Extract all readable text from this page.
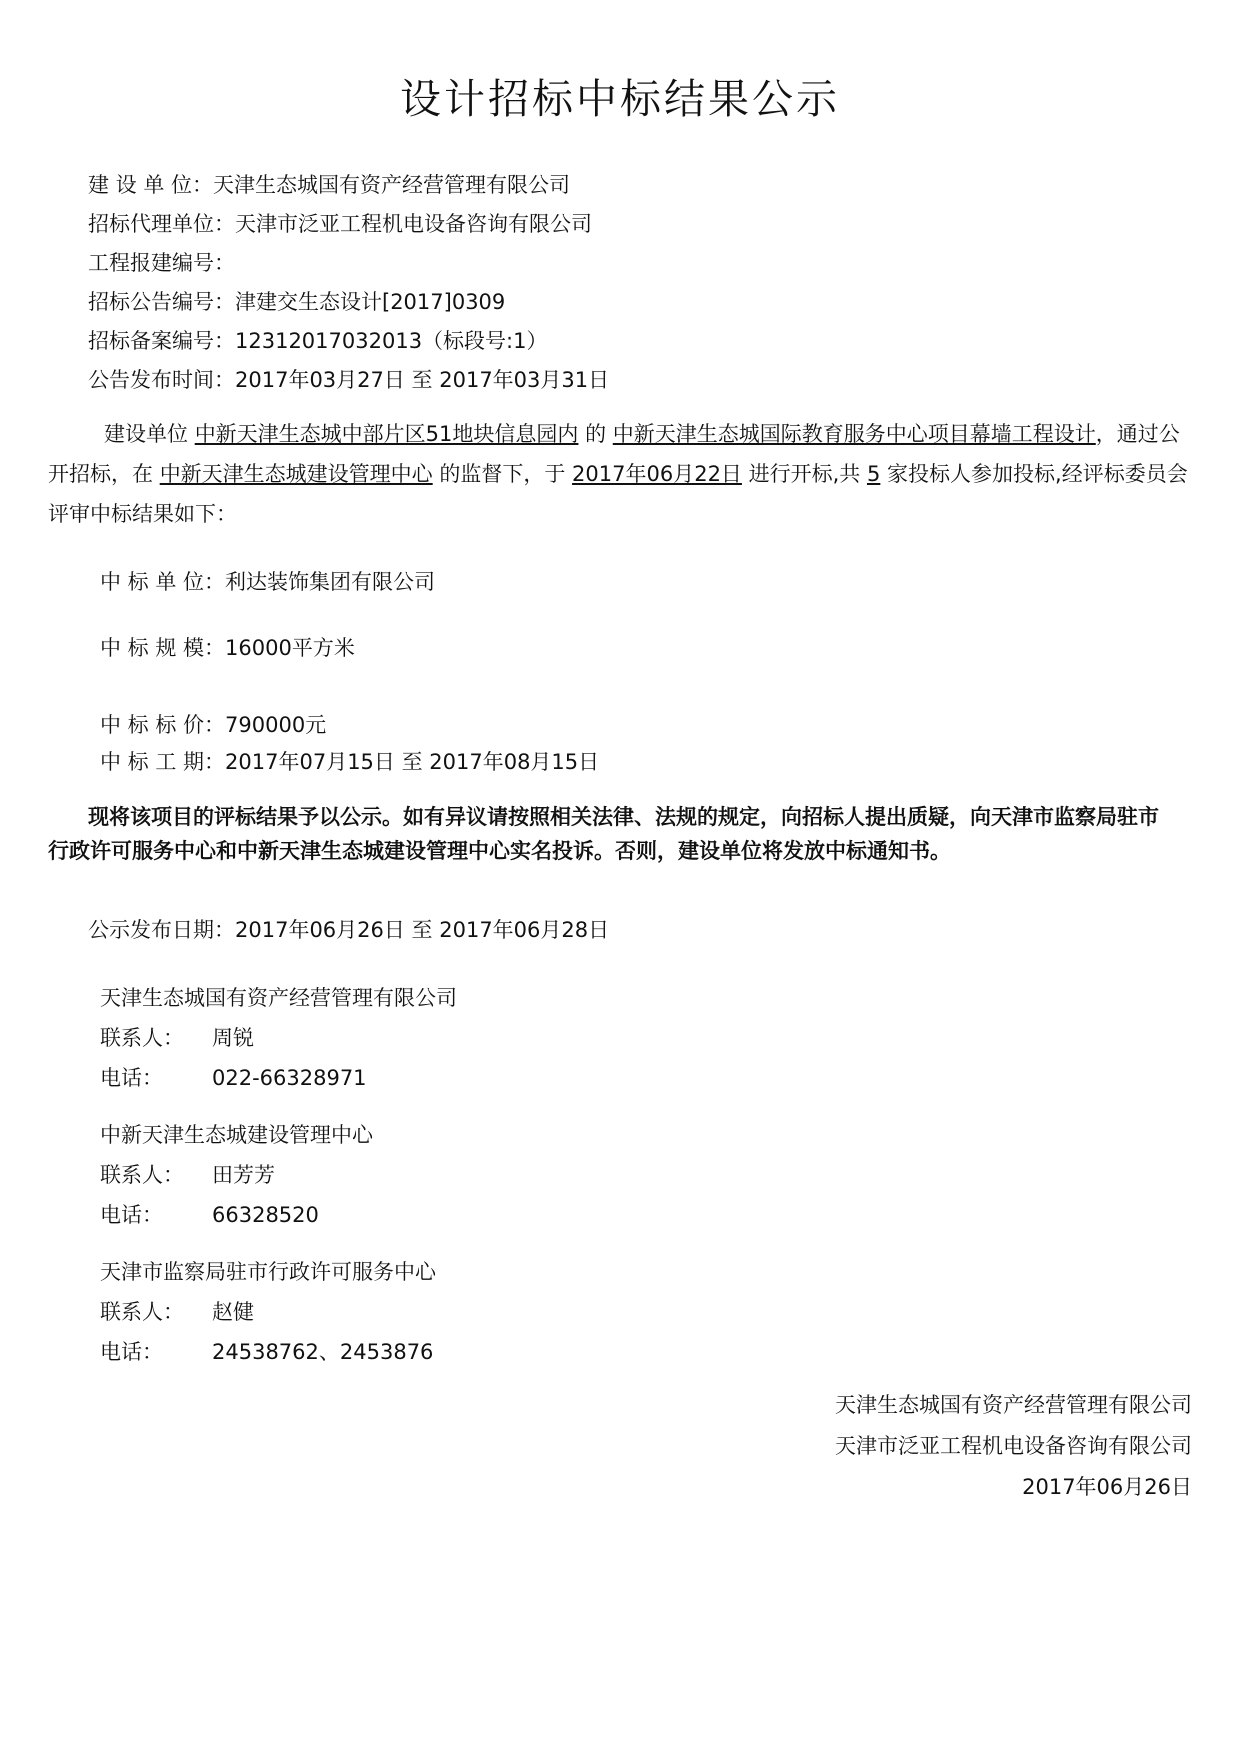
设计招标中标结果公示
建 设 单 位：天津生态城国有资产经营管理有限公司
招标代理单位：天津市泛亚工程机电设备咨询有限公司
工程报建编号：
招标公告编号：津建交生态设计[2017]0309
招标备案编号：12312017032013（标段号:1）
公告发布时间：2017年03月27日 至 2017年03月31日
建设单位 中新天津生态城中部片区51地块信息园内 的 中新天津生态城国际教育服务中心项目幕墙工程设计，通过公开招标，在 中新天津生态城建设管理中心 的监督下，于 2017年06月22日 进行开标,共 5 家投标人参加投标,经评标委员会评审中标结果如下：
中 标 单 位：利达装饰集团有限公司
中 标 规 模：16000平方米
中 标 标 价：790000元
中 标 工 期：2017年07月15日 至 2017年08月15日
现将该项目的评标结果予以公示。如有异议请按照相关法律、法规的规定，向招标人提出质疑，向天津市监察局驻市行政许可服务中心和中新天津生态城建设管理中心实名投诉。否则，建设单位将发放中标通知书。
公示发布日期：2017年06月26日 至 2017年06月28日
天津生态城国有资产经营管理有限公司
联系人： 周锐
电话： 022-66328971
中新天津生态城建设管理中心
联系人： 田芳芳
电话： 66328520
天津市监察局驻市行政许可服务中心
联系人： 赵健
电话： 24538762、2453876
天津生态城国有资产经营管理有限公司
天津市泛亚工程机电设备咨询有限公司
2017年06月26日
